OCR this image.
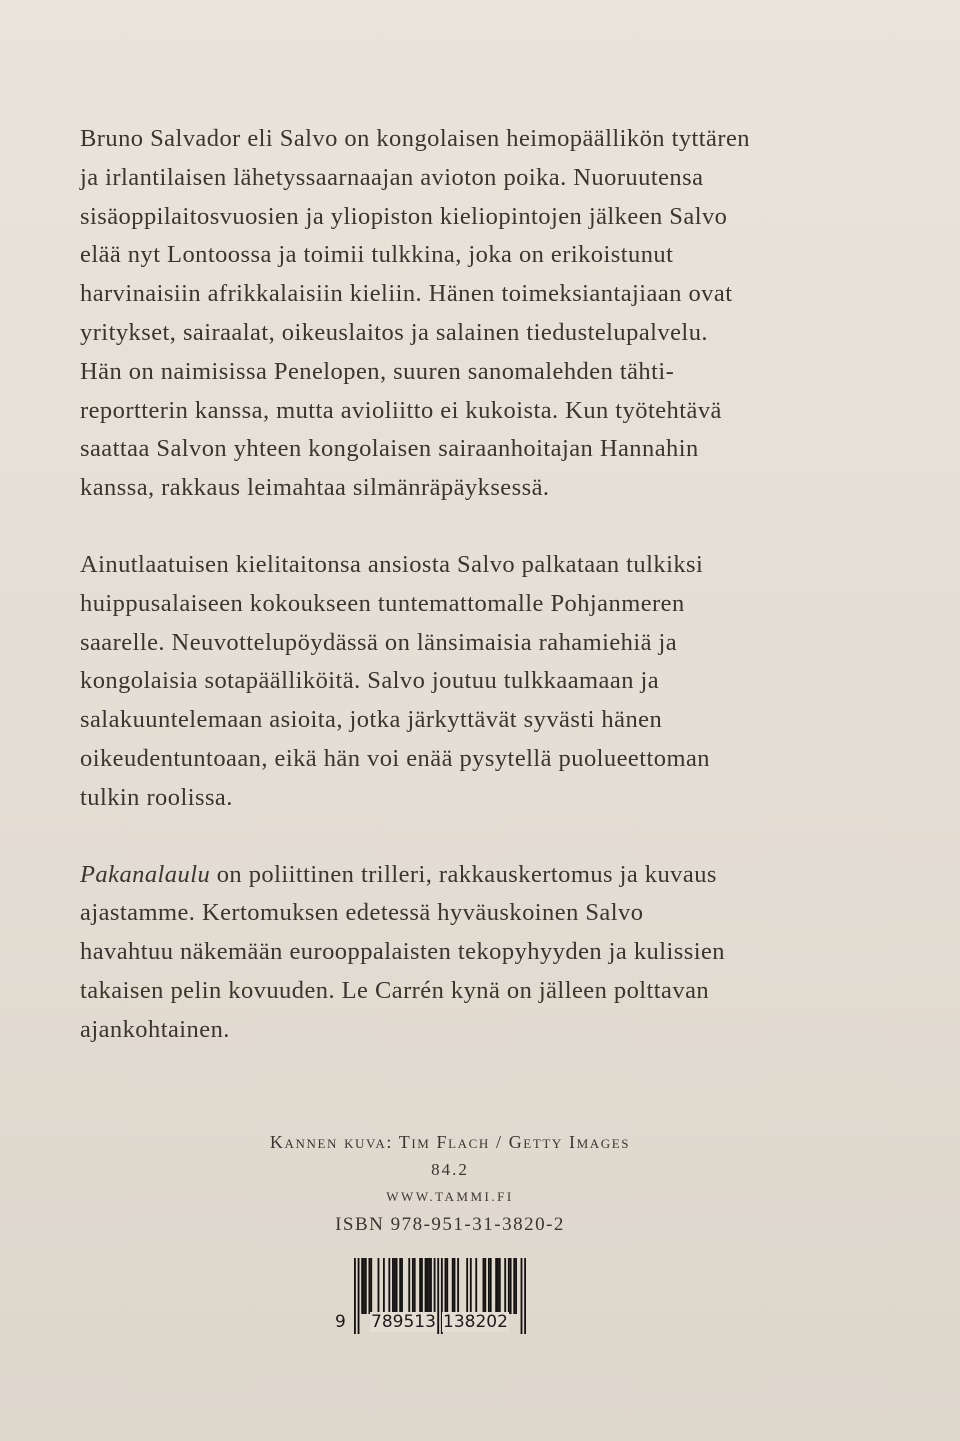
Bruno Salvador eli Salvo on kongolaisen heimopäällikön tyttären
ja irlantilaisen lähetyssaarnaajan avioton poika. Nuoruutensa
sisäoppilaitosvuosien ja yliopiston kieliopintojen jälkeen Salvo
elää nyt Lontoossa ja toimii tulkkina, joka on erikoistunut
harvinaisiin afrikkalaisiin kieliin. Hänen toimeksiantajiaan ovat
yritykset, sairaalat, oikeuslaitos ja salainen tiedustelupalvelu.
Hän on naimisissa Penelopen, suuren sanomalehden tähti-
reportterin kanssa, mutta avioliitto ei kukoista. Kun työtehtävä
saattaa Salvon yhteen kongolaisen sairaanhoitajan Hannahin
kanssa, rakkaus leimahtaa silmänräpäyksessä.

Ainutlaatuisen kielitaitonsa ansiosta Salvo palkataan tulkiksi
huippusalaiseen kokoukseen tuntemattomalle Pohjanmeren
saarelle. Neuvottelupöydässä on länsimaisia rahamiehiä ja
kongolaisia sotapäälliköitä. Salvo joutuu tulkkaamaan ja
salakuuntelemaan asioita, jotka järkyttävät syvästi hänen
oikeudentuntoaan, eikä hän voi enää pysytellä puolueettoman
tulkin roolissa.

Pakanalaulu on poliittinen trilleri, rakkauskertomus ja kuvaus
ajastamme. Kertomuksen edetessä hyväuskoinen Salvo
havahtuu näkemään eurooppalaisten tekopyhyyden ja kulissien
takaisen pelin kovuuden. Le Carrén kynä on jälleen polttavan
ajankohtainen.

Kannen kuva: Tim Flach / Getty Images
84.2
WWW.TAMMI.FI
ISBN 978-951-31-3820-2
9 789513 138202
